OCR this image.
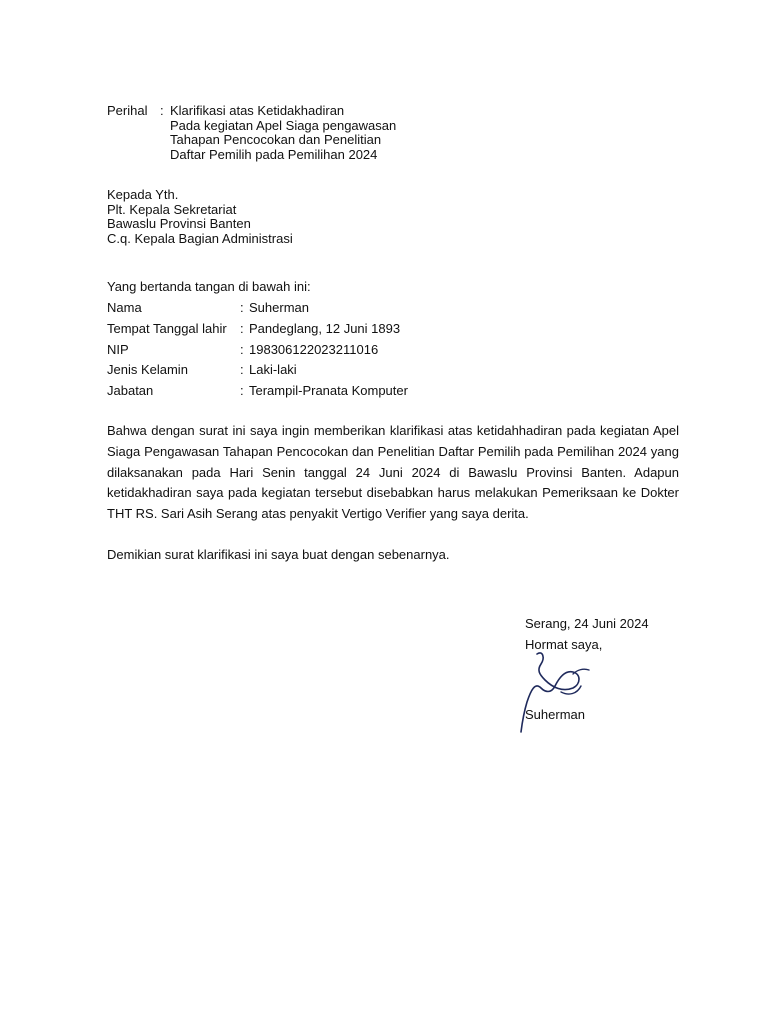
Perihal : Klarifikasi atas Ketidakhadiran
Pada kegiatan Apel Siaga pengawasan
Tahapan Pencocokan dan Penelitian
Daftar Pemilih pada Pemilihan 2024
Kepada Yth.
Plt. Kepala Sekretariat
Bawaslu Provinsi Banten
C.q. Kepala Bagian Administrasi
Yang bertanda tangan di bawah ini:
Nama	: Suherman
Tempat Tanggal lahir : Pandeglang, 12 Juni 1893
NIP	: 198306122023211016
Jenis Kelamin	: Laki-laki
Jabatan	: Terampil-Pranata Komputer
Bahwa dengan surat ini saya ingin memberikan klarifikasi atas ketidahhadiran pada kegiatan Apel Siaga Pengawasan Tahapan Pencocokan dan Penelitian Daftar Pemilih pada Pemilihan 2024 yang dilaksanakan pada Hari Senin tanggal 24 Juni 2024 di Bawaslu Provinsi Banten. Adapun ketidakhadiran saya pada kegiatan tersebut disebabkan harus melakukan Pemeriksaan ke Dokter THT RS. Sari Asih Serang atas penyakit Vertigo Verifier yang saya derita.
Demikian surat klarifikasi ini saya buat dengan sebenarnya.
Serang, 24 Juni 2024
Hormat saya,
Suherman
